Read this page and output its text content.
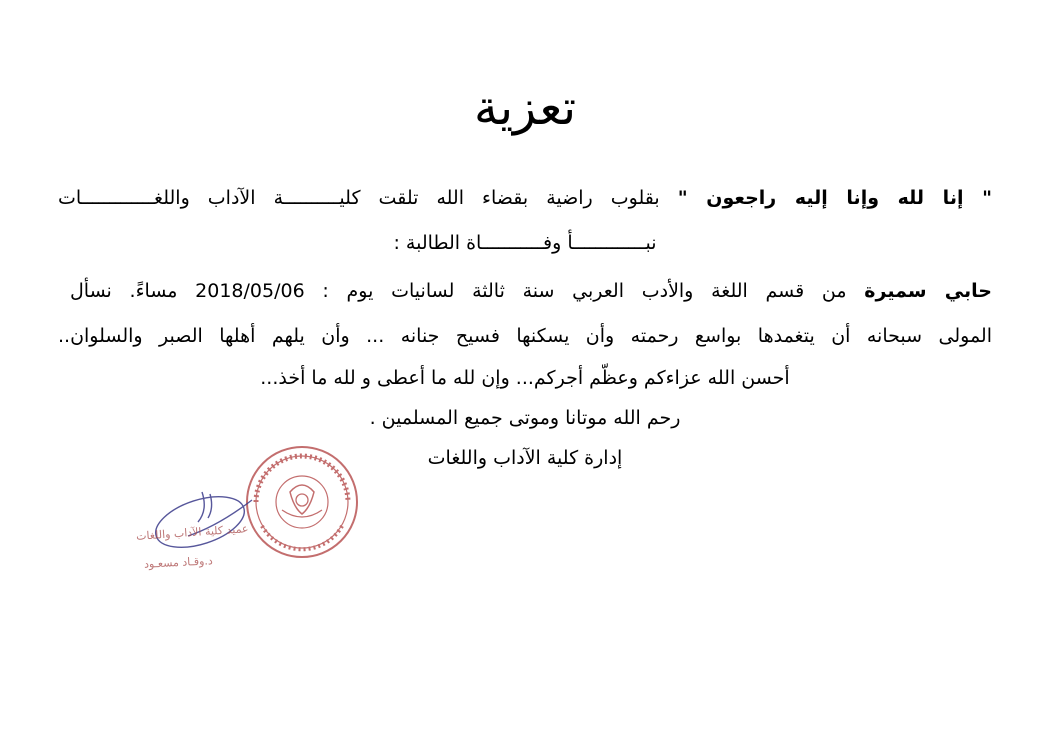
تعزية
" إنا لله وإنا إليه راجعون " بقلوب راضية بقضاء الله تلقت كليــــــــــة الآداب واللغـــــــــــــات
نبـــــــــــــأ وفـــــــــــاة الطالبة :
حابي سميرة من قسم اللغة والأدب العربي سنة ثالثة لسانيات يوم : 2018/05/06 مساءً. نسأل
المولى سبحانه أن يتغمدها بواسع رحمته وأن يسكنها فسيح جنانه ... وأن يلهم أهلها الصبر والسلوان..
أحسن الله عزاءكم وعظّم أجركم... وإن لله ما أعطى و لله ما أخذ...
رحم الله موتانا وموتى جميع المسلمين .
إدارة كلية الآداب واللغات
عميد كلية الآداب واللغات
د.وقـاد مسعـود
